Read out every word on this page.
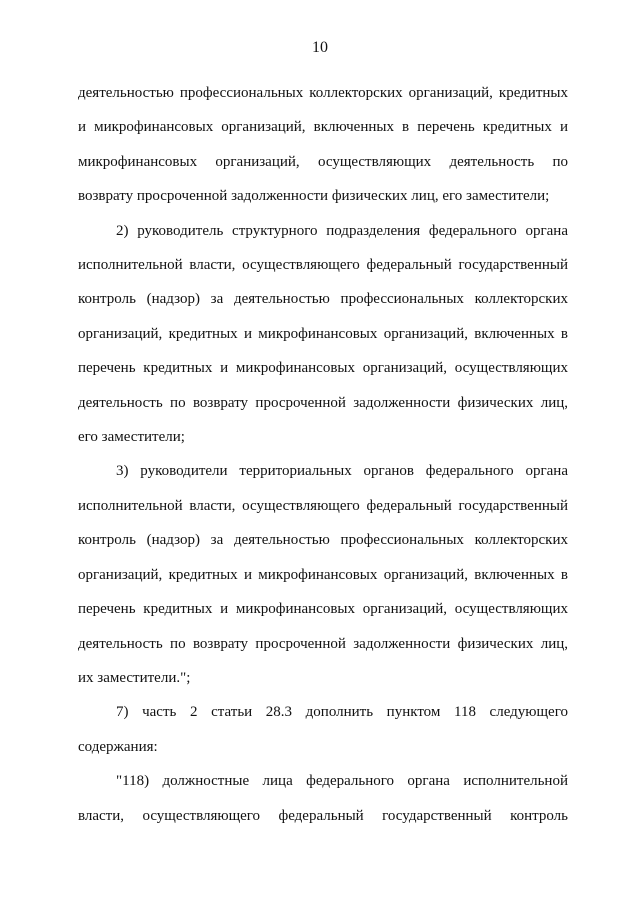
10
деятельностью профессиональных коллекторских организаций, кредитных
и микрофинансовых организаций, включенных в перечень кредитных и
микрофинансовых организаций, осуществляющих деятельность по
возврату просроченной задолженности физических лиц, его заместители;
2) руководитель структурного подразделения федерального органа
исполнительной власти, осуществляющего федеральный государственный
контроль (надзор) за деятельностью профессиональных коллекторских
организаций, кредитных и микрофинансовых организаций, включенных в
перечень кредитных и микрофинансовых организаций, осуществляющих
деятельность по возврату просроченной задолженности физических лиц,
его заместители;
3) руководители территориальных органов федерального органа
исполнительной власти, осуществляющего федеральный государственный
контроль (надзор) за деятельностью профессиональных коллекторских
организаций, кредитных и микрофинансовых организаций, включенных в
перечень кредитных и микрофинансовых организаций, осуществляющих
деятельность по возврату просроченной задолженности физических лиц,
их заместители.";
7) часть 2 статьи 28.3 дополнить пунктом 118 следующего
содержания:
"118) должностные лица федерального органа исполнительной
власти, осуществляющего федеральный государственный контроль
